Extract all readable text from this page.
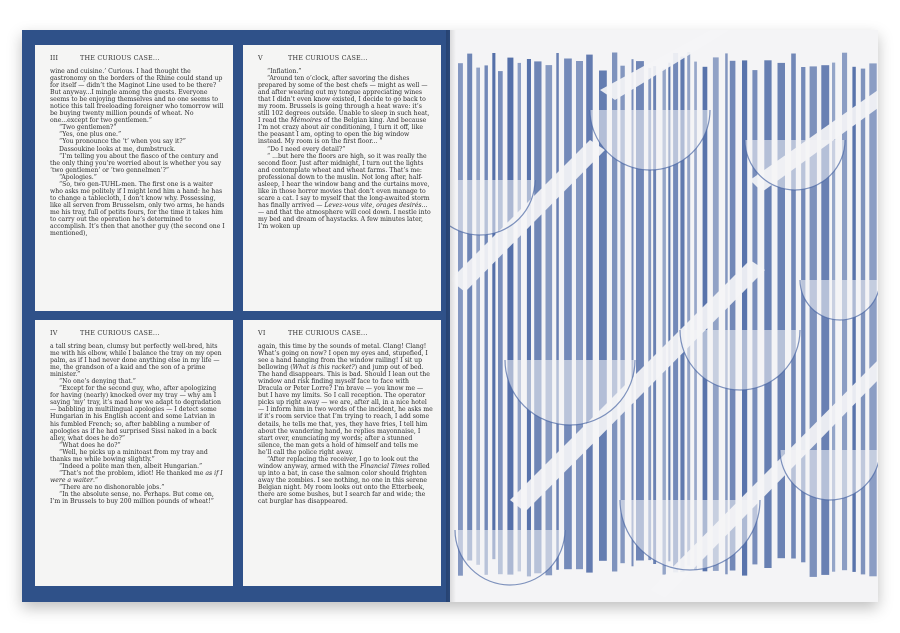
III	THE CURIOUS CASE...

wine and cuisine.’ Curious. I had thought the gastronomy on the borders of the Rhine could stand up for itself — didn’t the Maginot Line used to be there? But anyway...I mingle among the guests. Everyone seems to be enjoying themselves and no one seems to notice this tall freeloading foreigner who tomorrow will be buying twenty million pounds of wheat. No one...except for two gentlemen.”

“Two gentlemen?”

“Yes, one plus one.”

“You pronounce the ‘t’ when you say it?”

Dassoukine looks at me, dumbstruck.

“I’m telling you about the fiasco of the century and the only thing you’re worried about is whether you say ‘two gentlemen’ or ‘two gennelmen’?”

“Apologies.”

“So, two gen-TUHL-men. The first one is a waiter who asks me politely if I might lend him a hand: he has to change a tablecloth, I don’t know why. Possessing, like all serven from Brusselsm, only two arms, he hands me his tray, full of petits fours, for the time it takes him to carry out the operation he’s determined to accomplish. It’s then that another guy (the second one I mentioned),

V	THE CURIOUS CASE...

“Inflation.”

“Around ten o’clock, after savoring the dishes prepared by some of the best chefs — might as well — and after wearing out my tongue appreciating wines that I didn’t even know existed, I decide to go back to my room. Brussels is going through a heat wave: it’s still 102 degrees outside. Unable to sleep in such heat, I read the Mémoires of the Belgian king. And because I’m not crazy about air conditioning, I turn it off, like the peasant I am, opting to open the big window instead. My room is on the first floor... ”

“Do I need every detail?”

“ ...but here the floors are high, so it was really the second floor. Just after midnight, I turn out the lights and contemplate wheat and wheat farms. That’s me: professional down to the muslin. Not long after, half-asleep, I hear the window bang and the curtains move, like in those horror movies that don’t even manage to scare a cat. I say to myself that the long-awaited storm has finally arrived — Levez-vous vite, orages desirés... — and that the atmosphere will cool down. I nestle into my bed and dream of haystacks. A few minutes later, I’m woken up

IV	THE CURIOUS CASE...

a tall string bean, clumsy but perfectly well-bred, hits me with his elbow, while I balance the tray on my open palm, as if I had never done anything else in my life — me, the grandson of a kaid and the son of a prime minister.”

“No one’s denying that.”

“Except for the second guy, who, after apologizing for having (nearly) knocked over my tray — why am I saying ‘my’ tray, it’s mad how we adapt to degradation — babbling in multilingual apologies — I detect some Hungarian in his English accent and some Latvian in his fumbled French; so, after babbling a number of apologies as if he had surprised Sissi naked in a back alley, what does he do?”

“What does he do?”

“Well, he picks up a minitoast from my tray and thanks me while bowing slightly.”

“Indeed a polite man then, albeit Hungarian.”

“That’s not the problem, idiot! He thanked me as if I were a waiter.”

“There are no dishonorable jobs.”

“In the absolute sense, no. Perhaps. But come on, I’m in Brussels to buy 200 million pounds of wheat!”

VI	THE CURIOUS CASE...

again, this time by the sounds of metal. Clang! Clang! What’s going on now? I open my eyes and, stupefied, I see a hand hanging from the window railing! I sit up bellowing (What is this racket?) and jump out of bed. The hand disappears. This is bad. Should I lean out the window and risk finding myself face to face with Dracula or Peter Lorre? I’m brave — you know me — but I have my limits. So I call reception. The operator picks up right away — we are, after all, in a nice hotel — I inform him in two words of the incident, he asks me if it’s room service that I’m trying to reach, I add some details, he tells me that, yes, they have fries, I tell him about the wandering hand, he replies mayonnaise, I start over, enunciating my words; after a stunned silence, the man gets a hold of himself and tells me he’ll call the police right away.

“After replacing the receiver, I go to look out the window anyway, armed with the Financial Times rolled up into a bat, in case the salmon color should frighten away the zombies. I see nothing, no one in this serene Belgian night. My room looks out onto the Etterbeek, there are some bushes, but I search far and wide; the cat burglar has disappeared.
